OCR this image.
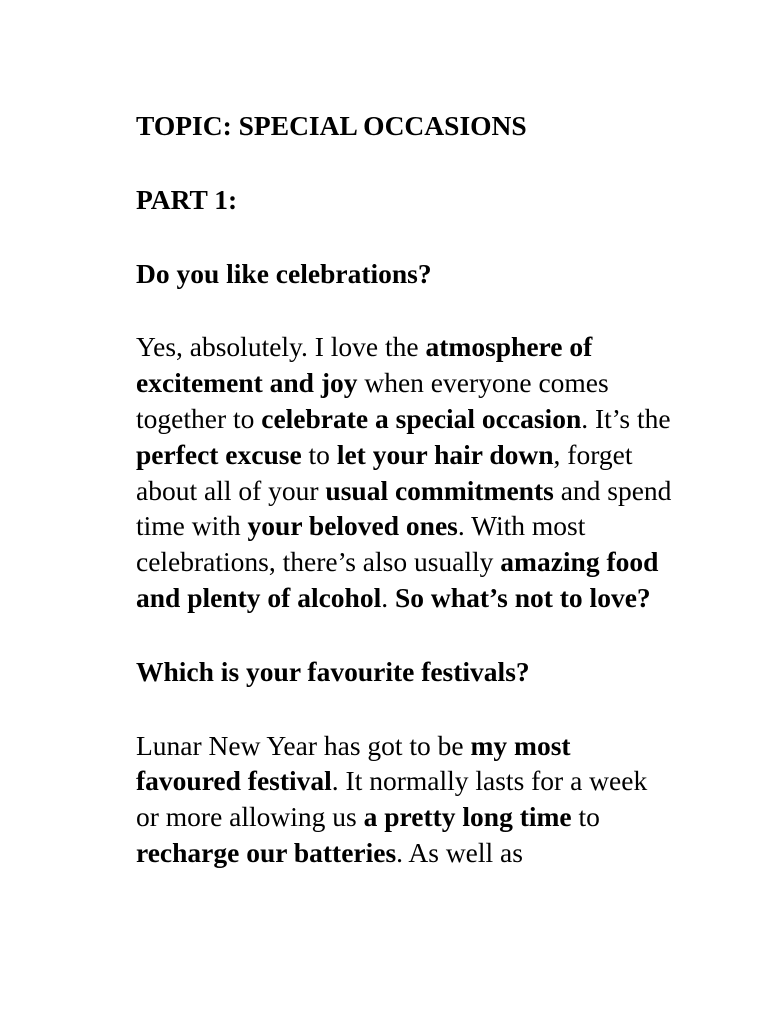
TOPIC: SPECIAL OCCASIONS

PART 1:

Do you like celebrations?

Yes, absolutely. I love the atmosphere of excitement and joy when everyone comes together to celebrate a special occasion. It’s the perfect excuse to let your hair down, forget about all of your usual commitments and spend time with your beloved ones. With most celebrations, there’s also usually amazing food and plenty of alcohol. So what’s not to love?

Which is your favourite festivals?

Lunar New Year has got to be my most favoured festival. It normally lasts for a week or more allowing us a pretty long time to recharge our batteries. As well as
